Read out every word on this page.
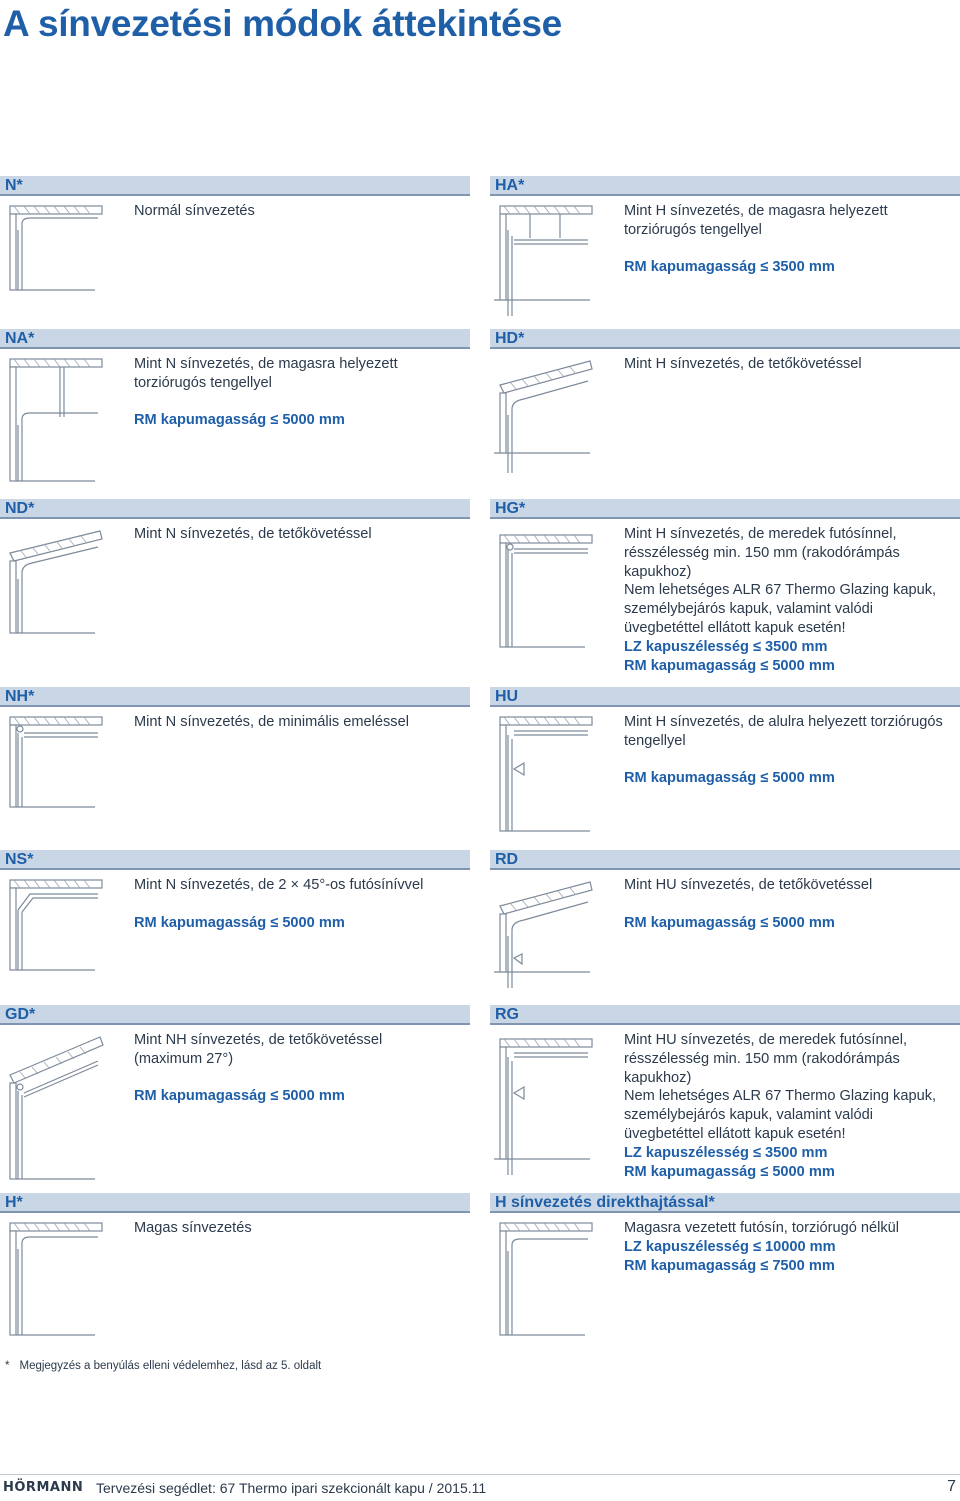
A sínvezetési módok áttekintése
N*

Normál sínvezetés

NA*

Mint N sínvezetés, de magasra helyezett

torziórugós tengellyel

RM kapumagasság ≤ 5000 mm

ND*

Mint N sínvezetés, de tetőkövetéssel

NH*

Mint N sínvezetés, de minimális emeléssel

NS*

Mint N sínvezetés, de 2 × 45°-os futósínívvel

RM kapumagasság ≤ 5000 mm

GD*

Mint NH sínvezetés, de tetőkövetéssel

(maximum 27°)

RM kapumagasság ≤ 5000 mm

H*

Magas sínvezetés

HA*

Mint H sínvezetés, de magasra helyezett

torziórugós tengellyel

RM kapumagasság ≤ 3500 mm

HD*

Mint H sínvezetés, de tetőkövetéssel

HG*

Mint H sínvezetés, de meredek futósínnel,

résszélesség min. 150 mm (rakodórámpás

kapukhoz)

Nem lehetséges ALR 67 Thermo Glazing kapuk,

személybejárós kapuk, valamint valódi

üvegbetéttel ellátott kapuk esetén!

LZ kapuszélesség ≤ 3500 mm

RM kapumagasság ≤ 5000 mm

HU

Mint H sínvezetés, de alulra helyezett torziórugós

tengellyel

RM kapumagasság ≤ 5000 mm

RD

Mint HU sínvezetés, de tetőkövetéssel

RM kapumagasság ≤ 5000 mm

RG

Mint HU sínvezetés, de meredek futósínnel,

résszélesség min. 150 mm (rakodórámpás

kapukhoz)

Nem lehetséges ALR 67 Thermo Glazing kapuk,

személybejárós kapuk, valamint valódi

üvegbetéttel ellátott kapuk esetén!

LZ kapuszélesség ≤ 3500 mm

RM kapumagasság ≤ 5000 mm

H sínvezetés direkthajtással*

Magasra vezetett futósín, torziórugó nélkül

LZ kapuszélesség ≤ 10000 mm

RM kapumagasság ≤ 7500 mm

* Megjegyzés a benyúlás elleni védelemhez, lásd az 5. oldalt
HÖRMANN Tervezési segédlet: 67 Thermo ipari szekcionált kapu / 2015.11	7
